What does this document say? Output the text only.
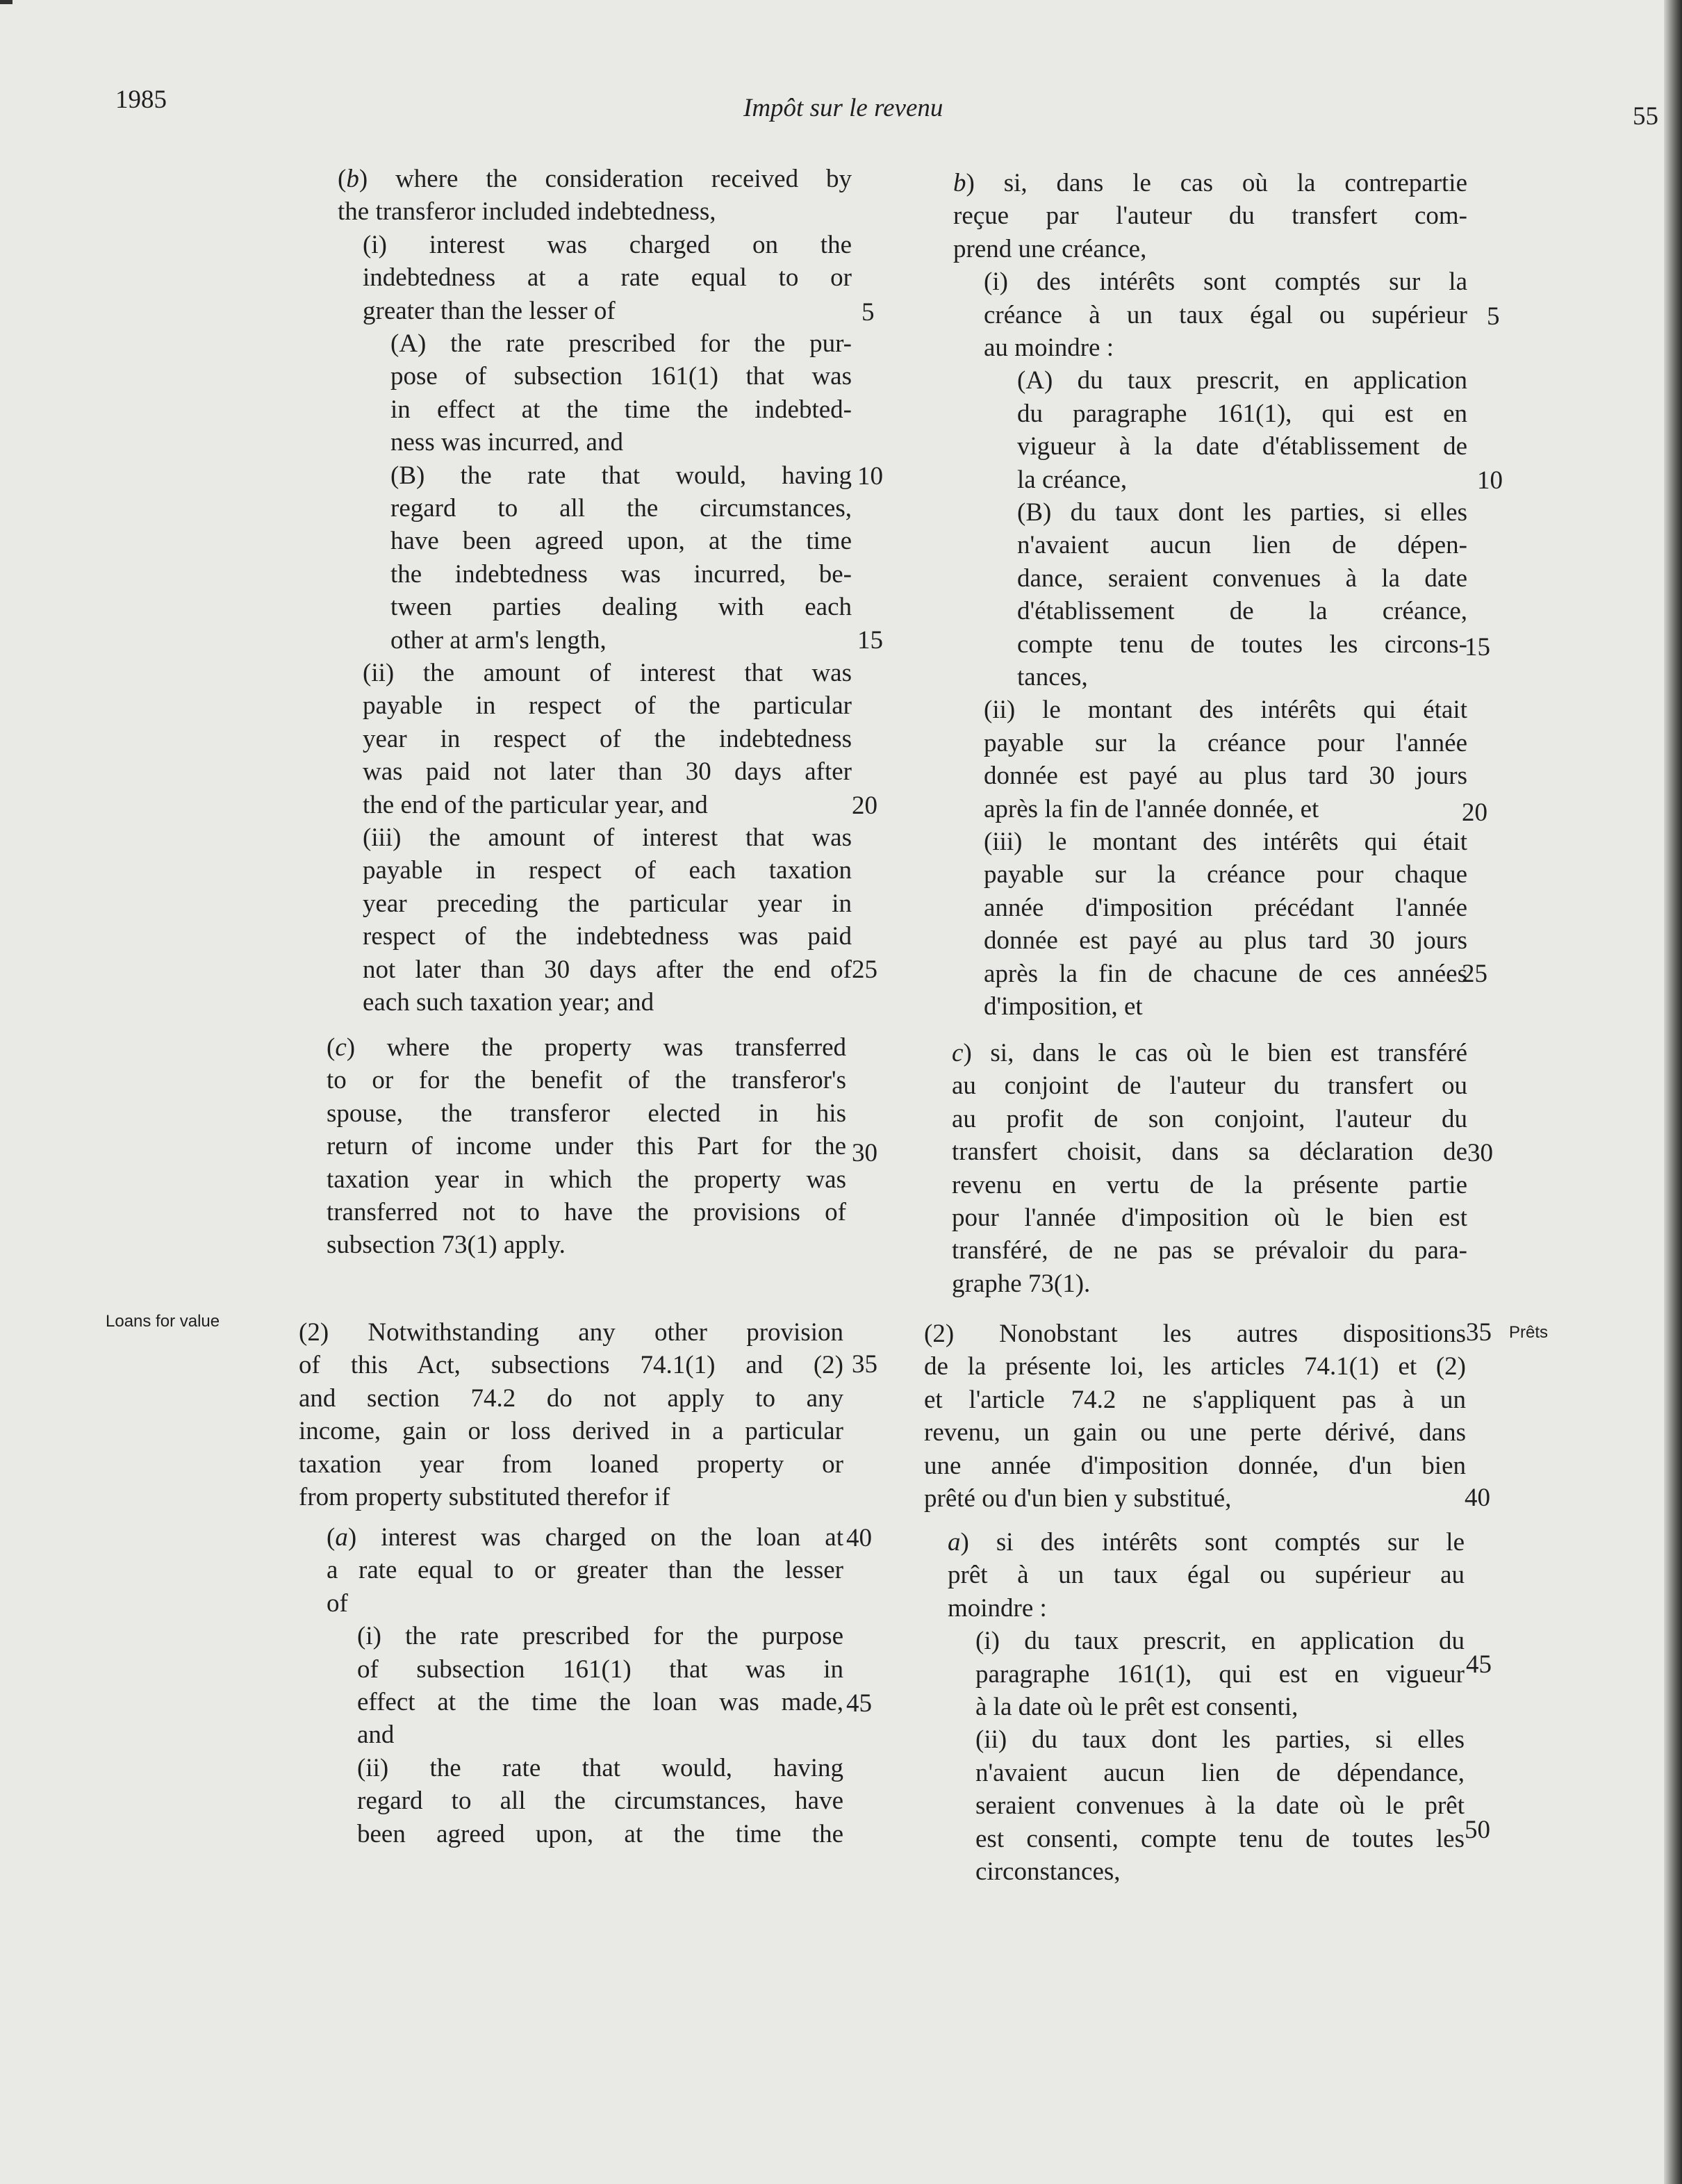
1985	Impôt sur le revenu	55
Loans for value
Prêts
(b) where the consideration received by
the transferor included indebtedness,
(i) interest was charged on the
indebtedness at a rate equal to or
greater than the lesser of
(A) the rate prescribed for the pur-
pose of subsection 161(1) that was
in effect at the time the indebted-
ness was incurred, and
(B) the rate that would, having
regard to all the circumstances,
have been agreed upon, at the time
the indebtedness was incurred, be-
tween parties dealing with each
other at arm's length,
(ii) the amount of interest that was
payable in respect of the particular
year in respect of the indebtedness
was paid not later than 30 days after
the end of the particular year, and
(iii) the amount of interest that was
payable in respect of each taxation
year preceding the particular year in
respect of the indebtedness was paid
not later than 30 days after the end of
each such taxation year; and
(c) where the property was transferred
to or for the benefit of the transferor's
spouse, the transferor elected in his
return of income under this Part for the
taxation year in which the property was
transferred not to have the provisions of
subsection 73(1) apply.
(2) Notwithstanding any other provision
of this Act, subsections 74.1(1) and (2)
and section 74.2 do not apply to any
income, gain or loss derived in a particular
taxation year from loaned property or
from property substituted therefor if
(a) interest was charged on the loan at
a rate equal to or greater than the lesser
of
(i) the rate prescribed for the purpose
of subsection 161(1) that was in
effect at the time the loan was made,
and
(ii) the rate that would, having
regard to all the circumstances, have
been agreed upon, at the time the
b) si, dans le cas où la contrepartie
reçue par l'auteur du transfert com-
prend une créance,
(i) des intérêts sont comptés sur la
créance à un taux égal ou supérieur
au moindre :
(A) du taux prescrit, en application
du paragraphe 161(1), qui est en
vigueur à la date d'établissement de
la créance,
(B) du taux dont les parties, si elles
n'avaient aucun lien de dépen-
dance, seraient convenues à la date
d'établissement de la créance,
compte tenu de toutes les circons-
tances,
(ii) le montant des intérêts qui était
payable sur la créance pour l'année
donnée est payé au plus tard 30 jours
après la fin de l'année donnée, et
(iii) le montant des intérêts qui était
payable sur la créance pour chaque
année d'imposition précédant l'année
donnée est payé au plus tard 30 jours
après la fin de chacune de ces années
d'imposition, et
c) si, dans le cas où le bien est transféré
au conjoint de l'auteur du transfert ou
au profit de son conjoint, l'auteur du
transfert choisit, dans sa déclaration de
revenu en vertu de la présente partie
pour l'année d'imposition où le bien est
transféré, de ne pas se prévaloir du para-
graphe 73(1).
(2) Nonobstant les autres dispositions
de la présente loi, les articles 74.1(1) et (2)
et l'article 74.2 ne s'appliquent pas à un
revenu, un gain ou une perte dérivé, dans
une année d'imposition donnée, d'un bien
prêté ou d'un bien y substitué,
a) si des intérêts sont comptés sur le
prêt à un taux égal ou supérieur au
moindre :
(i) du taux prescrit, en application du
paragraphe 161(1), qui est en vigueur
à la date où le prêt est consenti,
(ii) du taux dont les parties, si elles
n'avaient aucun lien de dépendance,
seraient convenues à la date où le prêt
est consenti, compte tenu de toutes les
circonstances,
5
10
15
20
25
30
35
40
45
5
10
15
20
25
30
35
40
45
50
